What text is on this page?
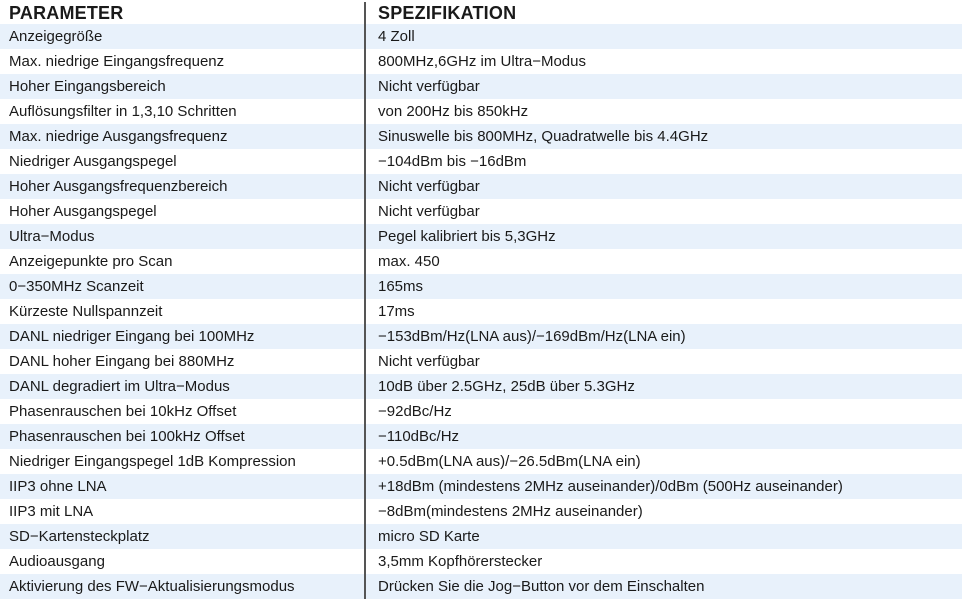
PARAMETER	SPEZIFIKATION
Anzeigegröße	4 Zoll
Max. niedrige Eingangsfrequenz	800MHz,6GHz im Ultra−Modus
Hoher Eingangsbereich	Nicht verfügbar
Auflösungsfilter in 1,3,10 Schritten	von 200Hz bis 850kHz
Max. niedrige Ausgangsfrequenz	Sinuswelle bis 800MHz, Quadratwelle bis 4.4GHz
Niedriger Ausgangspegel	−104dBm bis −16dBm
Hoher Ausgangsfrequenzbereich	Nicht verfügbar
Hoher Ausgangspegel	Nicht verfügbar
Ultra−Modus	Pegel kalibriert bis 5,3GHz
Anzeigepunkte pro Scan	max. 450
0−350MHz Scanzeit	165ms
Kürzeste Nullspannzeit	17ms
DANL niedriger Eingang bei 100MHz	−153dBm/Hz(LNA aus)/−169dBm/Hz(LNA ein)
DANL hoher Eingang bei 880MHz	Nicht verfügbar
DANL degradiert im Ultra−Modus	10dB über 2.5GHz, 25dB über 5.3GHz
Phasenrauschen bei 10kHz Offset	−92dBc/Hz
Phasenrauschen bei 100kHz Offset	−110dBc/Hz
Niedriger Eingangspegel 1dB Kompression	+0.5dBm(LNA aus)/−26.5dBm(LNA ein)
IIP3 ohne LNA	+18dBm (mindestens 2MHz auseinander)/0dBm (500Hz auseinander)
IIP3 mit LNA	−8dBm(mindestens 2MHz auseinander)
SD−Kartensteckplatz	micro SD Karte
Audioausgang	3,5mm Kopfhörerstecker
Aktivierung des FW−Aktualisierungsmodus	Drücken Sie die Jog−Button vor dem Einschalten
